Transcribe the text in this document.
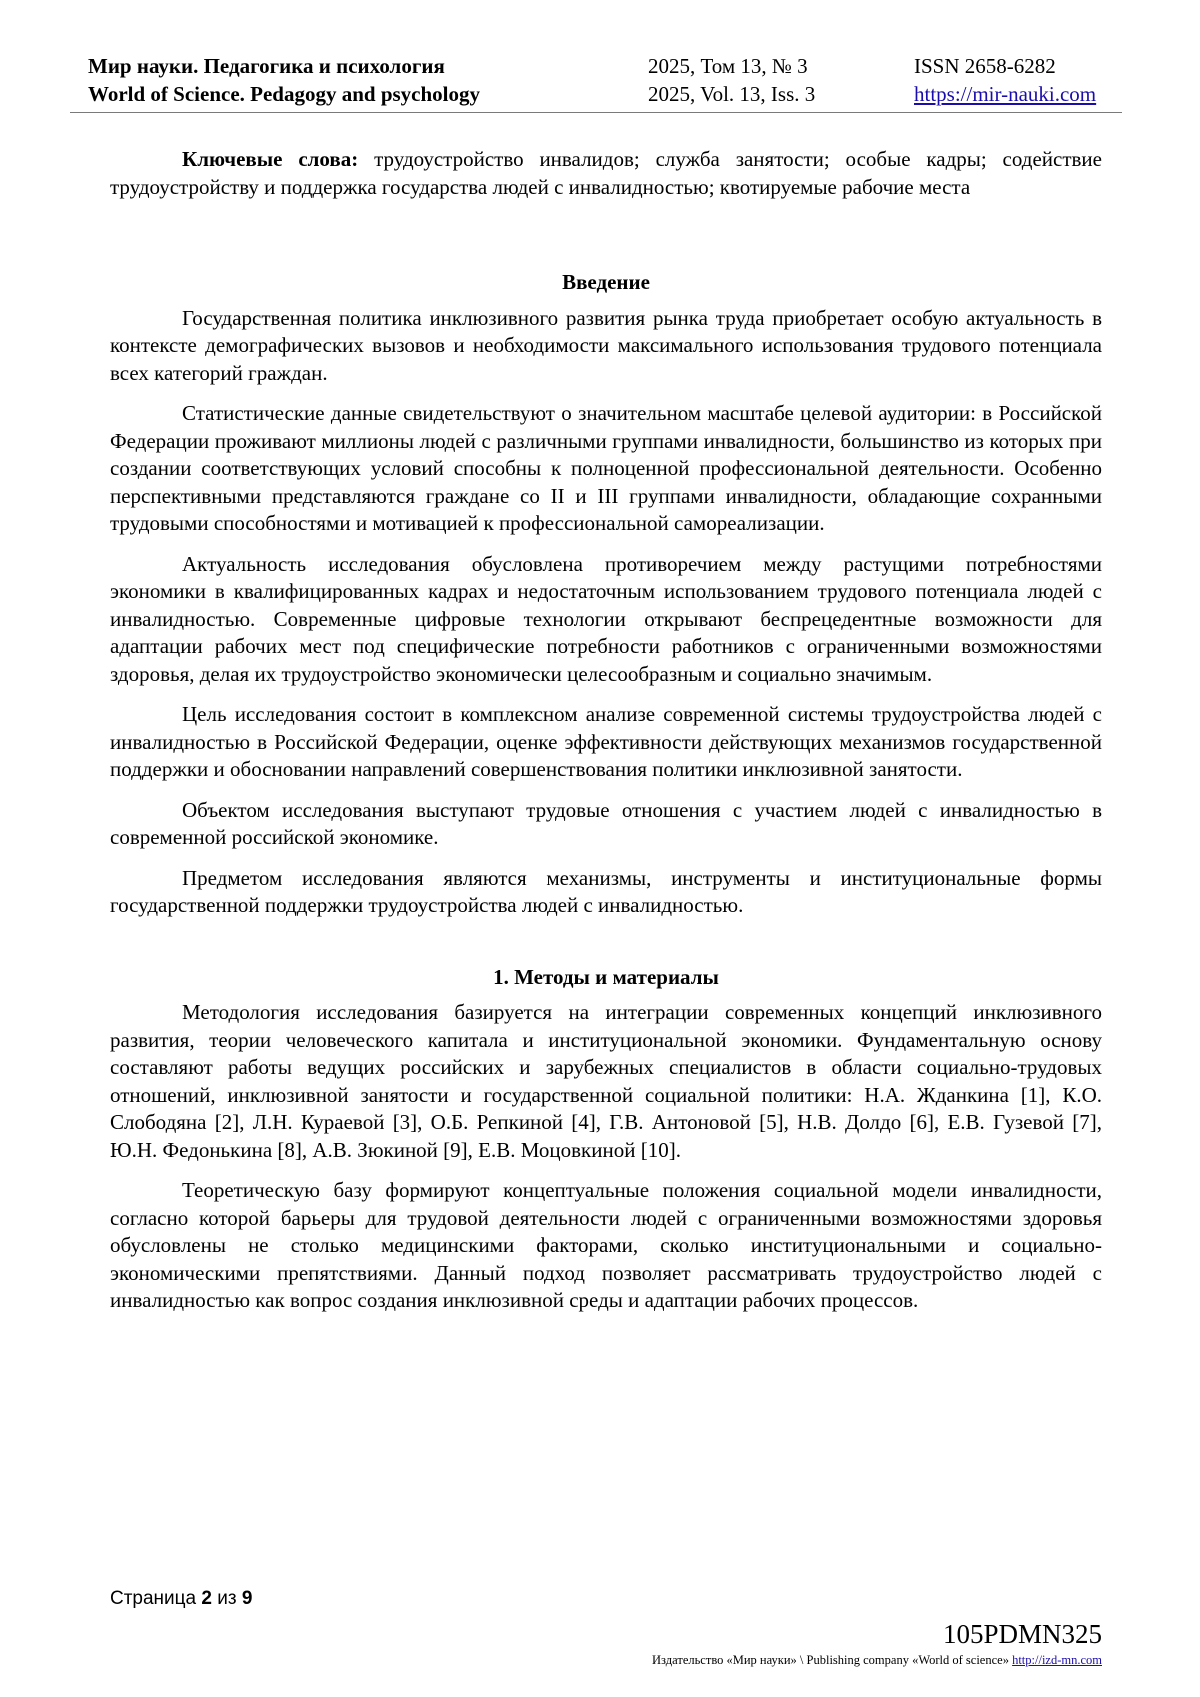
Мир науки. Педагогика и психология	2025, Том 13, № 3	ISSN 2658-6282
World of Science. Pedagogy and psychology	2025, Vol. 13, Iss. 3	https://mir-nauki.com

Ключевые слова: трудоустройство инвалидов; служба занятости; особые кадры; содействие трудоустройству и поддержка государства людей с инвалидностью; квотируемые рабочие места

Введение

Государственная политика инклюзивного развития рынка труда приобретает особую актуальность в контексте демографических вызовов и необходимости максимального использования трудового потенциала всех категорий граждан.

Статистические данные свидетельствуют о значительном масштабе целевой аудитории: в Российской Федерации проживают миллионы людей с различными группами инвалидности, большинство из которых при создании соответствующих условий способны к полноценной профессиональной деятельности. Особенно перспективными представляются граждане со II и III группами инвалидности, обладающие сохранными трудовыми способностями и мотивацией к профессиональной самореализации.

Актуальность исследования обусловлена противоречием между растущими потребностями экономики в квалифицированных кадрах и недостаточным использованием трудового потенциала людей с инвалидностью. Современные цифровые технологии открывают беспрецедентные возможности для адаптации рабочих мест под специфические потребности работников с ограниченными возможностями здоровья, делая их трудоустройство экономически целесообразным и социально значимым.

Цель исследования состоит в комплексном анализе современной системы трудоустройства людей с инвалидностью в Российской Федерации, оценке эффективности действующих механизмов государственной поддержки и обосновании направлений совершенствования политики инклюзивной занятости.

Объектом исследования выступают трудовые отношения с участием людей с инвалидностью в современной российской экономике.

Предметом исследования являются механизмы, инструменты и институциональные формы государственной поддержки трудоустройства людей с инвалидностью.

1. Методы и материалы

Методология исследования базируется на интеграции современных концепций инклюзивного развития, теории человеческого капитала и институциональной экономики. Фундаментальную основу составляют работы ведущих российских и зарубежных специалистов в области социально-трудовых отношений, инклюзивной занятости и государственной социальной политики: Н.А. Жданкина [1], К.О. Слободяна [2], Л.Н. Кураевой [3], О.Б. Репкиной [4], Г.В. Антоновой [5], Н.В. Долдо [6], Е.В. Гузевой [7], Ю.Н. Федонькина [8], А.В. Зюкиной [9], Е.В. Моцовкиной [10].

Теоретическую базу формируют концептуальные положения социальной модели инвалидности, согласно которой барьеры для трудовой деятельности людей с ограниченными возможностями здоровья обусловлены не столько медицинскими факторами, сколько институциональными и социально-экономическими препятствиями. Данный подход позволяет рассматривать трудоустройство людей с инвалидностью как вопрос создания инклюзивной среды и адаптации рабочих процессов.

Страница 2 из 9
105PDMN325
Издательство «Мир науки» \ Publishing company «World of science» http://izd-mn.com
